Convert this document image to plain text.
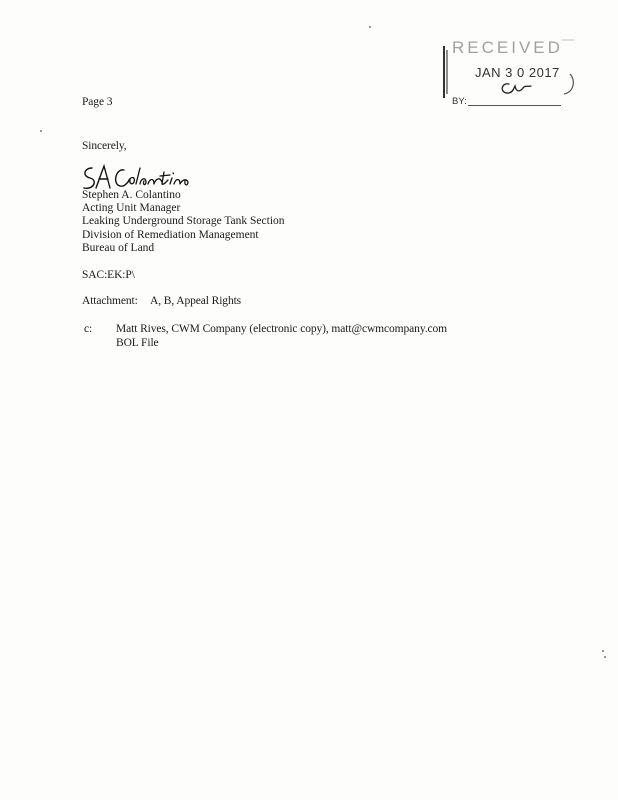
RECEIVED
JAN 3 0 2017
BY:
Page 3
Sincerely,
Stephen A. Colantino
Acting Unit Manager
Leaking Underground Storage Tank Section
Division of Remediation Management
Bureau of Land
SAC:EK:P\
Attachment: A, B, Appeal Rights
c: Matt Rives, CWM Company (electronic copy), matt@cwmcompany.com
BOL File
